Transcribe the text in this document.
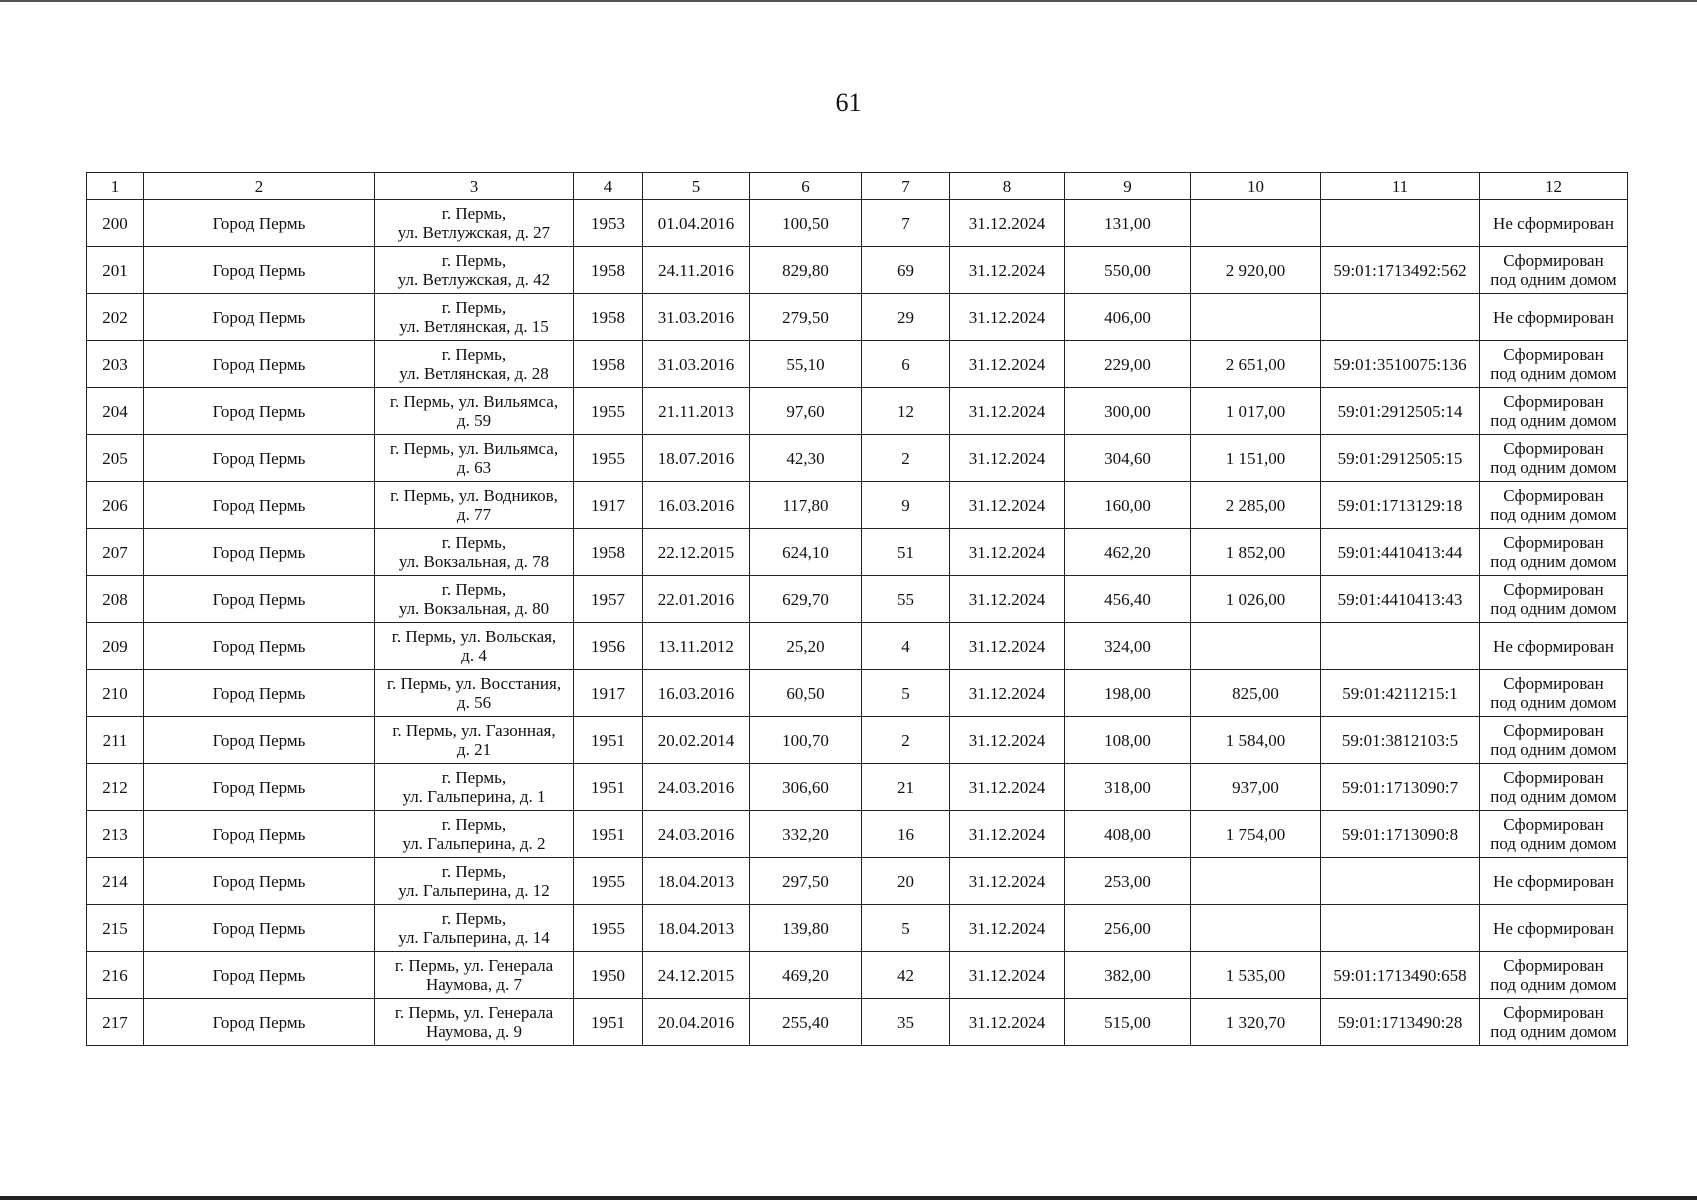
61
1	2	3	4	5	6	7	8	9	10	11	12
200	Город Пермь	г. Пермь,
ул. Ветлужская, д. 27	1953	01.04.2016	100,50	7	31.12.2024	131,00			Не сформирован

201	Город Пермь	г. Пермь,
ул. Ветлужская, д. 42	1958	24.11.2016	829,80	69	31.12.2024	550,00	2 920,00	59:01:1713492:562	Сформирован
под одним домом

202	Город Пермь	г. Пермь,
ул. Ветлянская, д. 15	1958	31.03.2016	279,50	29	31.12.2024	406,00			Не сформирован

203	Город Пермь	г. Пермь,
ул. Ветлянская, д. 28	1958	31.03.2016	55,10	6	31.12.2024	229,00	2 651,00	59:01:3510075:136	Сформирован
под одним домом

204	Город Пермь	г. Пермь, ул. Вильямса,
д. 59	1955	21.11.2013	97,60	12	31.12.2024	300,00	1 017,00	59:01:2912505:14	Сформирован
под одним домом

205	Город Пермь	г. Пермь, ул. Вильямса,
д. 63	1955	18.07.2016	42,30	2	31.12.2024	304,60	1 151,00	59:01:2912505:15	Сформирован
под одним домом

206	Город Пермь	г. Пермь, ул. Водников,
д. 77	1917	16.03.2016	117,80	9	31.12.2024	160,00	2 285,00	59:01:1713129:18	Сформирован
под одним домом

207	Город Пермь	г. Пермь,
ул. Вокзальная, д. 78	1958	22.12.2015	624,10	51	31.12.2024	462,20	1 852,00	59:01:4410413:44	Сформирован
под одним домом

208	Город Пермь	г. Пермь,
ул. Вокзальная, д. 80	1957	22.01.2016	629,70	55	31.12.2024	456,40	1 026,00	59:01:4410413:43	Сформирован
под одним домом

209	Город Пермь	г. Пермь, ул. Вольская,
д. 4	1956	13.11.2012	25,20	4	31.12.2024	324,00			Не сформирован

210	Город Пермь	г. Пермь, ул. Восстания,
д. 56	1917	16.03.2016	60,50	5	31.12.2024	198,00	825,00	59:01:4211215:1	Сформирован
под одним домом

211	Город Пермь	г. Пермь, ул. Газонная,
д. 21	1951	20.02.2014	100,70	2	31.12.2024	108,00	1 584,00	59:01:3812103:5	Сформирован
под одним домом

212	Город Пермь	г. Пермь,
ул. Гальперина, д. 1	1951	24.03.2016	306,60	21	31.12.2024	318,00	937,00	59:01:1713090:7	Сформирован
под одним домом

213	Город Пермь	г. Пермь,
ул. Гальперина, д. 2	1951	24.03.2016	332,20	16	31.12.2024	408,00	1 754,00	59:01:1713090:8	Сформирован
под одним домом

214	Город Пермь	г. Пермь,
ул. Гальперина, д. 12	1955	18.04.2013	297,50	20	31.12.2024	253,00			Не сформирован

215	Город Пермь	г. Пермь,
ул. Гальперина, д. 14	1955	18.04.2013	139,80	5	31.12.2024	256,00			Не сформирован

216	Город Пермь	г. Пермь, ул. Генерала
Наумова, д. 7	1950	24.12.2015	469,20	42	31.12.2024	382,00	1 535,00	59:01:1713490:658	Сформирован
под одним домом

217	Город Пермь	г. Пермь, ул. Генерала
Наумова, д. 9	1951	20.04.2016	255,40	35	31.12.2024	515,00	1 320,70	59:01:1713490:28	Сформирован
под одним домом
